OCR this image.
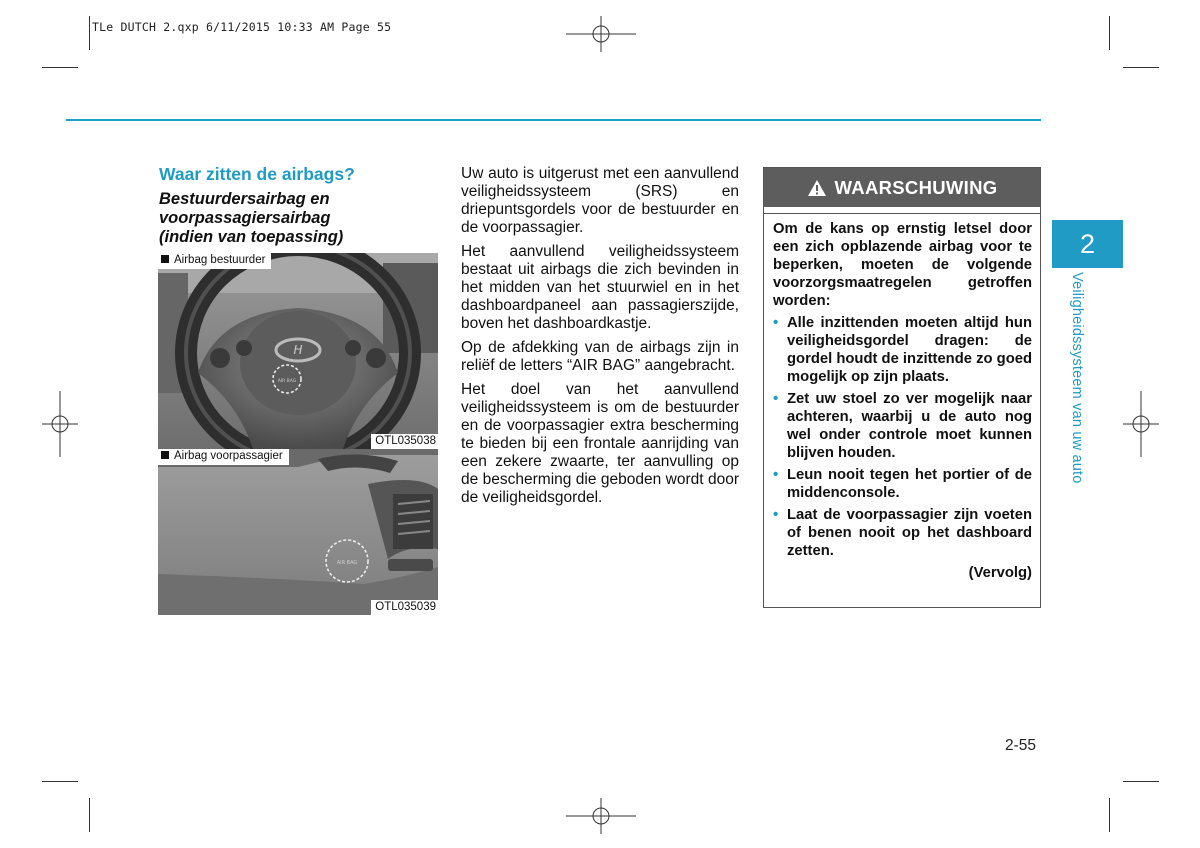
TLe DUTCH 2.qxp 6/11/2015 10:33 AM Page 55
Waar zitten de airbags?
Bestuurdersairbag en
voorpassagiersairbag
(indien van toepassing)
H
AIR BAG
Airbag bestuurder
OTL035038
AIR BAG
Airbag voorpassagier
OTL035039

Uw auto is uitgerust met een aanvullend veiligheidssysteem (SRS) en driepuntsgordels voor de bestuurder en de voorpassagier.

Het aanvullend veiligheidssysteem bestaat uit airbags die zich bevinden in het midden van het stuurwiel en in het dashboardpaneel aan passagierszijde, boven het dashboardkastje.

Op de afdekking van de airbags zijn in reliëf de letters “AIR BAG” aangebracht.

Het doel van het aanvullend veiligheidssysteem is om de bestuurder en de voorpassagier extra bescherming te bieden bij een frontale aanrijding van een zekere zwaarte, ter aanvulling op de bescherming die geboden wordt door de veiligheidsgordel.

WAARSCHUWING

Om de kans op ernstig letsel door een zich opblazende airbag voor te beperken, moeten de volgende voorzorgsmaatregelen getroffen worden:

• Alle inzittenden moeten altijd hun veiligheidsgordel dragen: de gordel houdt de inzittende zo goed mogelijk op zijn plaats.
• Zet uw stoel zo ver mogelijk naar achteren, waarbij u de auto nog wel onder controle moet kunnen blijven houden.
• Leun nooit tegen het portier of de middenconsole.
• Laat de voorpassagier zijn voeten of benen nooit op het dashboard zetten.
(Vervolg)
2
Veiligheidssysteem van uw auto
2-55
